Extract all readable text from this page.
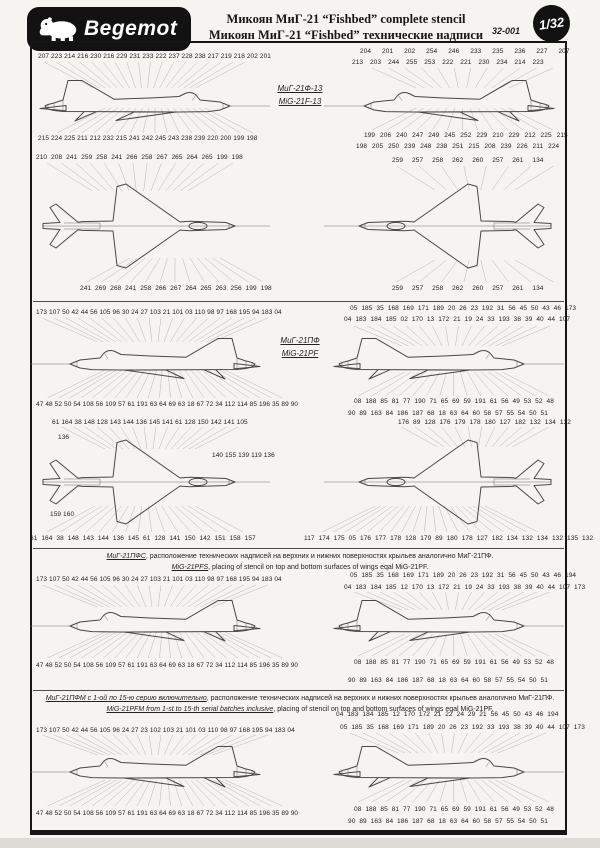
Begemot	Микоян МиГ-21 “Fishbed” complete stencil
Микоян МиГ-21 “Fishbed” технические надписи 32-001	1/32
207 223 214 216 230 216 229 231 233 222 237 228 238 217 219 218 202 201
204 201 202 254 246 233 235 236 227 207
213 203 244 255 253 222 221 230 234 214 223
МиГ-21Ф-13
MiG-21F-13
215 224 225 211 212 232 215 241 242 245 243 238 239 220 200 199 198	199 206 240 247 249 245 252 229 210 229 212 225 215
198 205 250 239 248 238 251 215 208 239 226 211 224
210 208 241 259 258 241 266 258 267 265 264 265 199 198	259 257 258 262 260 257 261 134
241 269 268 241 258 266 267 264 265 263 256 199 198	259 257 258 262 260 257 261 134
173 107 50 42 44 56 105 96 30 24 27 103 21 101 03 110 98 97 168 195 94 183 04
05 185 35 168 169 171 189 20 26 23 192 31 56 45 50 43 46 173
04 183 184 185 02 170 13 172 21 19 24 33 193 38 39 40 44 107
МиГ-21ПФ
MiG-21PF
47 48 52 50 54 108 56 109 57 61 191 63 64 69 63 18 67 72 34 112 114 85 196 35 89 90	08 188 85 81 77 190 71 65 69 59 191 61 56 49 53 52 48
90 89 163 84 186 187 68 18 63 64 60 58 57 55 54 50 51
61 164 38 148 128 143 144 136 145 141 61 128 150 142 141 105	176 89 128 176 179 178 180 127 182 132 134 132
136
140 155 139 119 136
159 160
61 164 38 148 143 144 136 145 61 128 141 150 142 151 158 157	117 174 175 05 176 177 178 128 179 89 180 178 127 182 134 132 134 132 135 132
МиГ-21ПФС, расположение технических надписей на верхних и нижних поверхностях крыльев аналогично МиГ-21ПФ.
MiG-21PFS, placing of stencil on top and bottom surfaces of wings eqal MiG-21PF.
173 107 50 42 44 56 105 96 30 24 27 103 21 101 03 110 98 97 168 195 94 183 04
05 185 35 168 169 171 189 20 26 23 192 31 56 45 50 43 46 194
04 183 184 185 12 170 13 172 21 19 24 33 193 38 39 40 44 107 173
47 48 52 50 54 108 56 109 57 61 191 63 64 69 63 18 67 72 34 112 114 85 196 35 89 90	08 188 85 81 77 190 71 65 69 59 191 61 56 49 53 52 48
90 89 163 84 186 187 68 18 63 64 60 58 57 55 54 50 51
МиГ-21ПФМ с 1-ой по 15-ю серию включительно, расположение технических надписей на верхних и нижних поверхностях крыльев аналогично МиГ-21ПФ.
MiG-21PFM from 1-st to 15-th serial batches inclusive, placing of stencil on top and bottom surfaces of wings eqal MiG-21PF.
04 183 184 185 12 170 172 21 22 24 29 21 56 45 50 43 46 194
173 107 50 42 44 56 105 96 24 27 23 102 103 21 101 03 110 98 97 168 195 94 183 04	05 185 35 168 169 171 189 20 26 23 192 33 193 38 39 40 44 107 173
47 48 52 50 54 108 56 109 57 61 191 63 64 69 63 18 67 72 34 112 114 85 196 35 89 90
08 188 85 81 77 190 71 65 69 59 191 61 56 49 53 52 48
90 89 163 84 186 187 68 18 63 64 60 58 57 55 54 50 51
